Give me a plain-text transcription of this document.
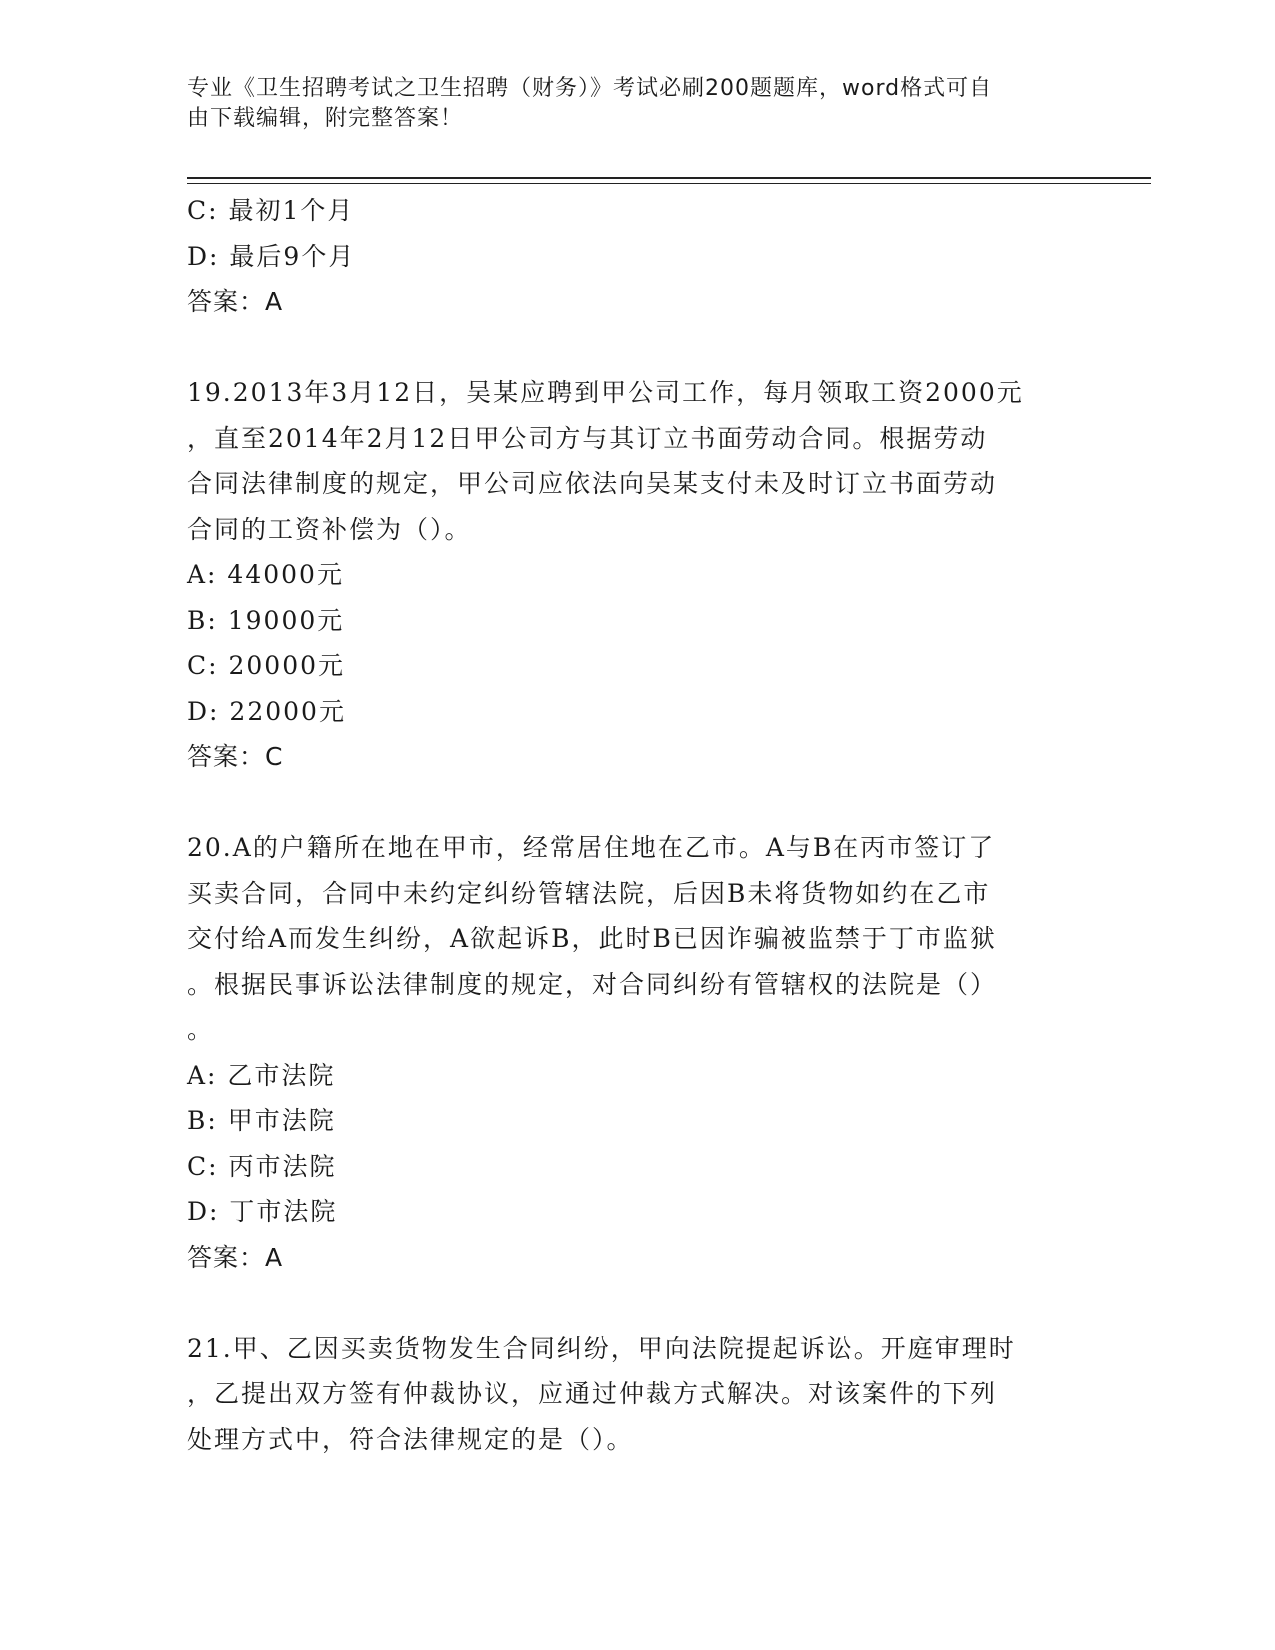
专业《卫生招聘考试之卫生招聘（财务）》考试必刷200题题库，word格式可自
由下载编辑，附完整答案！
C: 最初1个月
D: 最后9个月
答案：A
19.2013年3月12日，吴某应聘到甲公司工作，每月领取工资2000元
，直至2014年2月12日甲公司方与其订立书面劳动合同。根据劳动
合同法律制度的规定，甲公司应依法向吴某支付未及时订立书面劳动
合同的工资补偿为（）。
A: 44000元
B: 19000元
C: 20000元
D: 22000元
答案：C
20.A的户籍所在地在甲市，经常居住地在乙市。A与B在丙市签订了
买卖合同，合同中未约定纠纷管辖法院，后因B未将货物如约在乙市
交付给A而发生纠纷，A欲起诉B，此时B已因诈骗被监禁于丁市监狱
。根据民事诉讼法律制度的规定，对合同纠纷有管辖权的法院是（）
。
A: 乙市法院
B: 甲市法院
C: 丙市法院
D: 丁市法院
答案：A
21.甲、乙因买卖货物发生合同纠纷，甲向法院提起诉讼。开庭审理时
，乙提出双方签有仲裁协议，应通过仲裁方式解决。对该案件的下列
处理方式中，符合法律规定的是（）。
